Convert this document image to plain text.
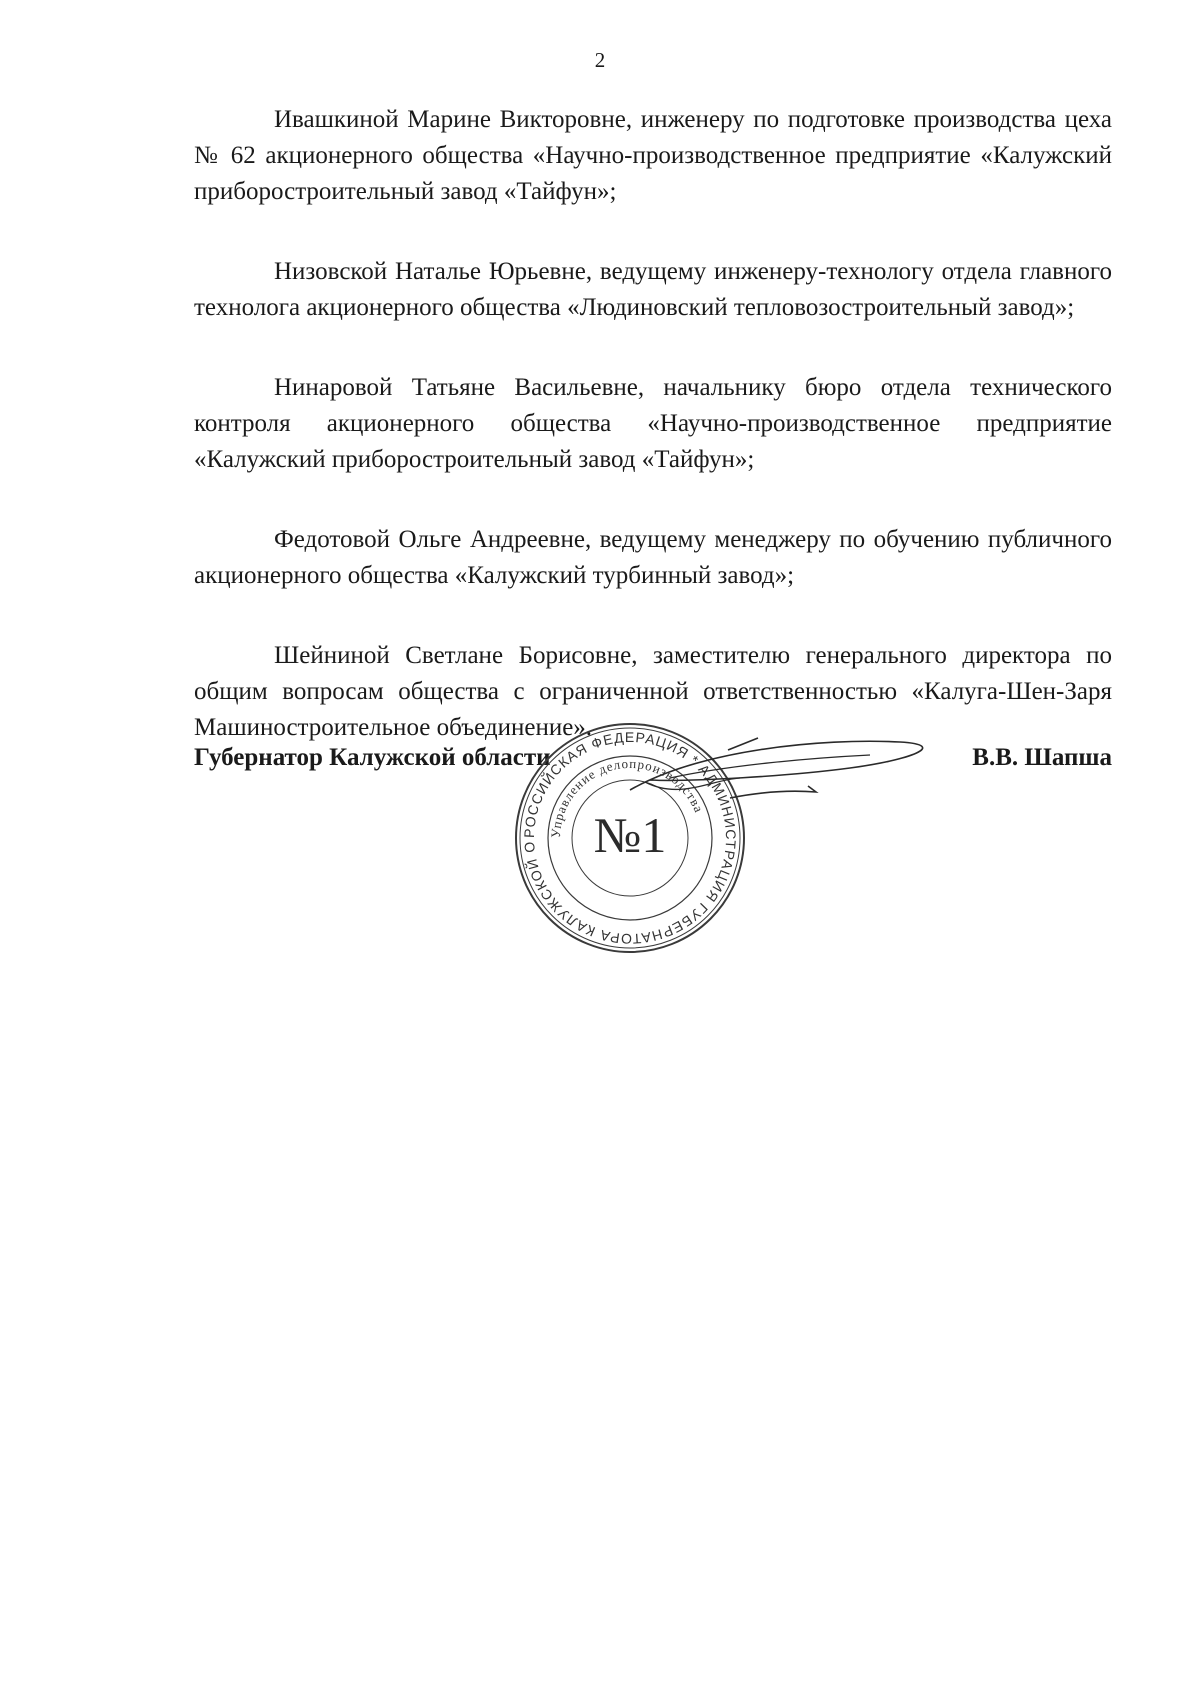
2

Ивашкиной Марине Викторовне, инженеру по подготовке производства цеха № 62 акционерного общества «Научно-производственное предприятие «Калужский приборостроительный завод «Тайфун»;

Низовской Наталье Юрьевне, ведущему инженеру-технологу отдела главного технолога акционерного общества «Людиновский тепловозостроительный завод»;

Нинаровой Татьяне Васильевне, начальнику бюро отдела технического контроля акционерного общества «Научно-производственное предприятие «Калужский приборостроительный завод «Тайфун»;

Федотовой Ольге Андреевне, ведущему менеджеру по обучению публичного акционерного общества «Калужский турбинный завод»;

Шейниной Светлане Борисовне, заместителю генерального директора по общим вопросам общества с ограниченной ответственностью «Калуга-Шен-Заря Машиностроительное объединение».

Губернатор Калужской области	В.В. Шапша
РОССИЙСКАЯ ФЕДЕРАЦИЯ * АДМИНИСТРАЦИЯ ГУБЕРНАТОРА КАЛУЖСКОЙ О
Управление делопроизводства
№1
